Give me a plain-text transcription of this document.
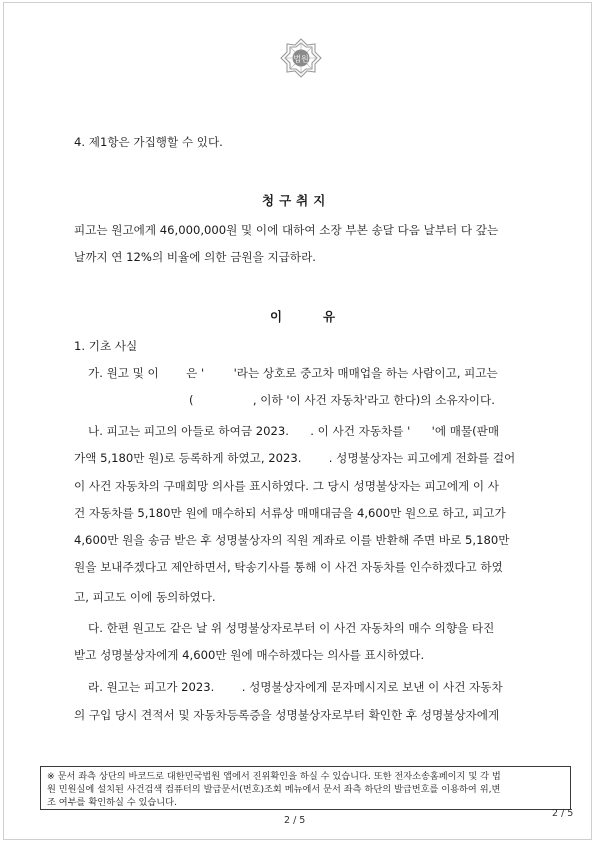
법원
4. 제1항은 가집행할 수 있다.
청구취지
피고는 원고에게 46,000,000원 및 이에 대하여 소장 부본 송달 다음 날부터 다 갚는
날까지 연 12%의 비율에 의한 금원을 지급하라.
이	유
1. 기초 사실
가. 원고 및 이 은 '	'라는 상호로 중고차 매매업을 하는 사람이고, 피고는
(	, 이하 '이 사건 자동차'라고 한다)의 소유자이다.
나. 피고는 피고의 아들로 하여금 2023. . 이 사건 자동차를 ' '에 매물(판매
가액 5,180만 원)로 등록하게 하였고, 2023. . 성명불상자는 피고에게 전화를 걸어
이 사건 자동차의 구매희망 의사를 표시하였다. 그 당시 성명불상자는 피고에게 이 사
건 자동차를 5,180만 원에 매수하되 서류상 매매대금을 4,600만 원으로 하고, 피고가
4,600만 원을 송금 받은 후 성명불상자의 직원 계좌로 이를 반환해 주면 바로 5,180만
원을 보내주겠다고 제안하면서, 탁송기사를 통해 이 사건 자동차를 인수하겠다고 하였
고, 피고도 이에 동의하였다.
다. 한편 원고도 같은 날 위 성명불상자로부터 이 사건 자동차의 매수 의향을 타진
받고 성명불상자에게 4,600만 원에 매수하겠다는 의사를 표시하였다.
라. 원고는 피고가 2023. . 성명불상자에게 문자메시지로 보낸 이 사건 자동차
의 구입 당시 견적서 및 자동차등록증을 성명불상자로부터 확인한 후 성명불상자에게

※ 문서 좌측 상단의 바코드로 대한민국법원 앱에서 진위확인을 하실 수 있습니다. 또한 전자소송홈페이지 및 각 법

원 민원실에 설치된 사건검색 컴퓨터의 발급문서(번호)조회 메뉴에서 문서 좌측 하단의 발급번호를 이용하여 위,변

조 여부를 확인하실 수 있습니다.

2 / 5
2 / 5
